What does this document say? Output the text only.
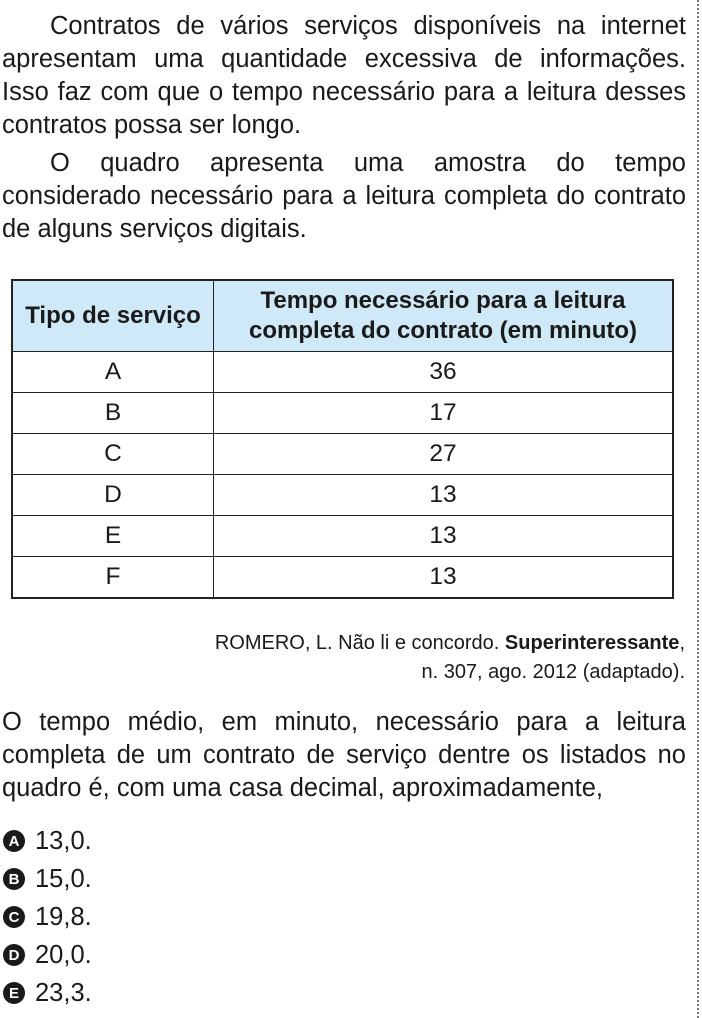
Contratos de vários serviços disponíveis na internet apresentam uma quantidade excessiva de informações. Isso faz com que o tempo necessário para a leitura desses contratos possa ser longo.

O quadro apresenta uma amostra do tempo considerado necessário para a leitura completa do contrato de alguns serviços digitais.

Tipo de serviço	Tempo necessário para a leitura completa do contrato (em minuto)
A	36
B	17
C	27
D	13
E	13
F	13
ROMERO, L. Não li e concordo. Superinteressante,
n. 307, ago. 2012 (adaptado).

O tempo médio, em minuto, necessário para a leitura completa de um contrato de serviço dentre os listados no quadro é, com uma casa decimal, aproximadamente,

A 13,0.
B 15,0.
C 19,8.
D 20,0.
E 23,3.
